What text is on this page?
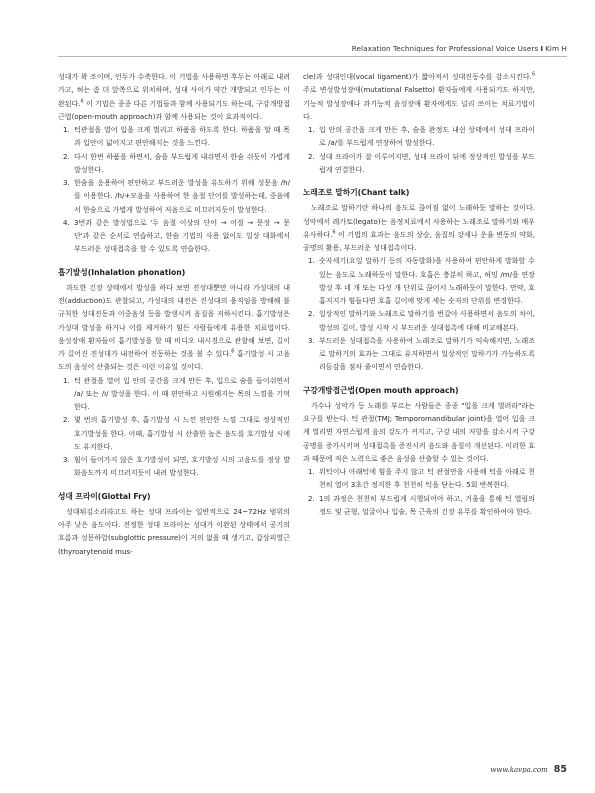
Relaxation Techniques for Professional Voice Users I Kim H

성대가 꽉 조이며, 인두가 수축한다. 이 기법을 사용하면 후두는 아래로 내려가고, 혀는 좀 더 앞쪽으로 위치하며, 성대 사이가 약간 개방되고 인두는 이완된다.$^6$ 이 기법은 종종 다른 기법들과 함께 사용되기도 하는데, 구강개방접근법(open-mouth approach)과 함께 사용되는 것이 효과적이다.

1. 턱관절을 열어 입을 크게 벌리고 하품을 하도록 한다. 하품을 할 때 목과 입안이 넓어지고 편안해지는 것을 느낀다.
2. 다시 한번 하품을 하면서, 숨을 부드럽게 내쉬면서 한숨 쉬듯이 가볍게 발성한다.
3. 한숨을 응용하여 편안하고 부드러운 발성을 유도하기 위해 성문음 /h/를 이용한다. /h/+모음을 사용하여 한 음절 단어를 발성하는데, 중음에서 한숨으로 가볍게 발성하여 저음으로 미끄러지듯이 발성한다.
4. 3번과 같은 발성법으로 '두 음절 이상의 단어 → 어절 → 문장 → 문단'과 같은 순서로 연습하고, 한숨 기법의 사용 없이도 일상 대화에서 부드러운 성대접촉을 할 수 있도록 연습한다.
흡기발성(Inhalation phonation)

과도한 긴장 상태에서 발성을 하다 보면 진성대뿐만 아니라 가성대의 내전(adduction)도 관찰되고, 가성대의 내전은 진성대의 움직임을 방해해 불규칙한 성대진동과 이중음성 등을 발생시켜 음질을 저하시킨다. 흡기발성은 가성대 발성을 하거나 이를 제거하기 힘든 사람들에게 유용한 치료법이다. 음성장애 환자들이 흡기발성을 할 때 비디오 내시경으로 관찰해 보면, 길이가 길어진 진성대가 내전하여 진동하는 것을 볼 수 있다.$^6$ 흡기발성 시 고음도의 음성이 산출되는 것은 이런 이유일 것이다.

1. 턱 관절을 열어 입 안의 공간을 크게 만든 후, 입으로 숨을 들이쉬면서 /a/ 또는 /i/ 발성을 한다. 이 때 편안하고 시원해지는 목의 느낌을 기억한다.
2. 몇 번의 흡기발성 후, 흡기발성 시 느낀 편안한 느낌 그대로 정상적인 호기발성을 한다. 이때, 흡기발성 시 산출한 높은 음도를 호기발성 시에도 유지한다.
3. 힘이 들어가지 않은 호기발성이 되면, 호기발성 시의 고음도를 정상 발화음도까지 미끄러지듯이 내려 발성한다.
성대 프라이(Glottal Fry)

성대튀김소리라고도 하는 성대 프라이는 일반적으로 24~72Hz 범위의 아주 낮은 음도이다. 진정한 성대 프라이는 성대가 이완된 상태에서 공기의 흐름과 성문하압(subglottic pressure)이 거의 없을 때 생기고, 갑상피열근(thyroarytenoid mus-

cle)과 성대인대(vocal ligament)가 짧아져서 성대진동수를 감소시킨다.$^6$ 주로 변성발성장애(mutational Falsetto) 환자들에게 사용되기도 하지만, 기능적 발성장애나 과기능적 음성장애 환자에게도 널리 쓰이는 치료기법이다.

1. 입 안의 공간을 크게 만든 후, 숨을 완정도 내쉰 상태에서 성대 프라이로 /a/를 부드럽게 연장하여 발성한다.
2. 성대 프라이가 잘 이루어지면, 성대 프라이 뒤에 정상적인 발성을 부드럽게 연결한다.
노래조로 말하기(Chant talk)

노래조로 말하기란 하나의 음도로 끊어짐 없이 노래하듯 말하는 것이다. 성악에서 레가토(legato)는 음정치료에서 사용하는 노래조로 말하기와 매우 유사하다.$^6$ 이 기법의 효과는 음도의 상승, 음질의 강세나 운율 변동의 약화, 공명의 활용, 부드러운 성대접촉이다.

1. 숫자세기(요일 말하기 등의 자동발화)을 사용하여 편안하게 발화할 수 있는 음도로 노래하듯이 말한다. 호흡은 충분히 하고, 허밍 /m/을 연장발성 후 네 개 또는 다섯 개 단위로 끊어서 노래하듯이 말한다. 만약, 호흡지지가 힘들다면 호흡 길이에 맞게 세는 숫자의 단위를 변경한다.
2. 일상적인 말하기와 노래조로 말하기를 번갈아 사용하면서 음도의 차이, 발성의 길이, 발성 시작 시 부드러운 성대접촉에 대해 비교해본다.
3. 부드러운 성대접촉을 사용하여 노래조로 말하기가 익숙해지면, 노래조로 말하기의 효과는 그대로 유지하면서 일상적인 말하기가 가능하도록 리듬감을 점차 줄이면서 연습한다.
구강개방접근법(Open mouth approach)

가수나 성악가 등 노래를 부르는 사람들은 종종 "입을 크게 벌려라"라는 요구를 받는다. 턱 관절(TMJ; Temporomandibular joint)을 열어 입을 크게 벌리면 자연스럽게 음의 강도가 커지고, 구강 내의 저항을 감소시켜 구강 공명을 증가시키며 성대접촉을 증진시켜 음도와 음질이 개선된다. 이러한 효과 때문에 적은 노력으로 좋은 음성을 산출할 수 있는 것이다.

1. 위턱이나 아래턱에 힘을 주지 않고 턱 관절만을 사용해 턱을 아래로 천천히 열어 3초간 정지한 후 천천히 턱을 닫는다. 5회 반복한다.
2. 1의 과정은 천천히 부드럽게 시행되어야 하고, 거울을 통해 턱 열림의 정도 및 균형, 얼굴이나 입술, 목 근육의 긴장 유무를 확인하여야 한다.
www.kavpa.com 85
